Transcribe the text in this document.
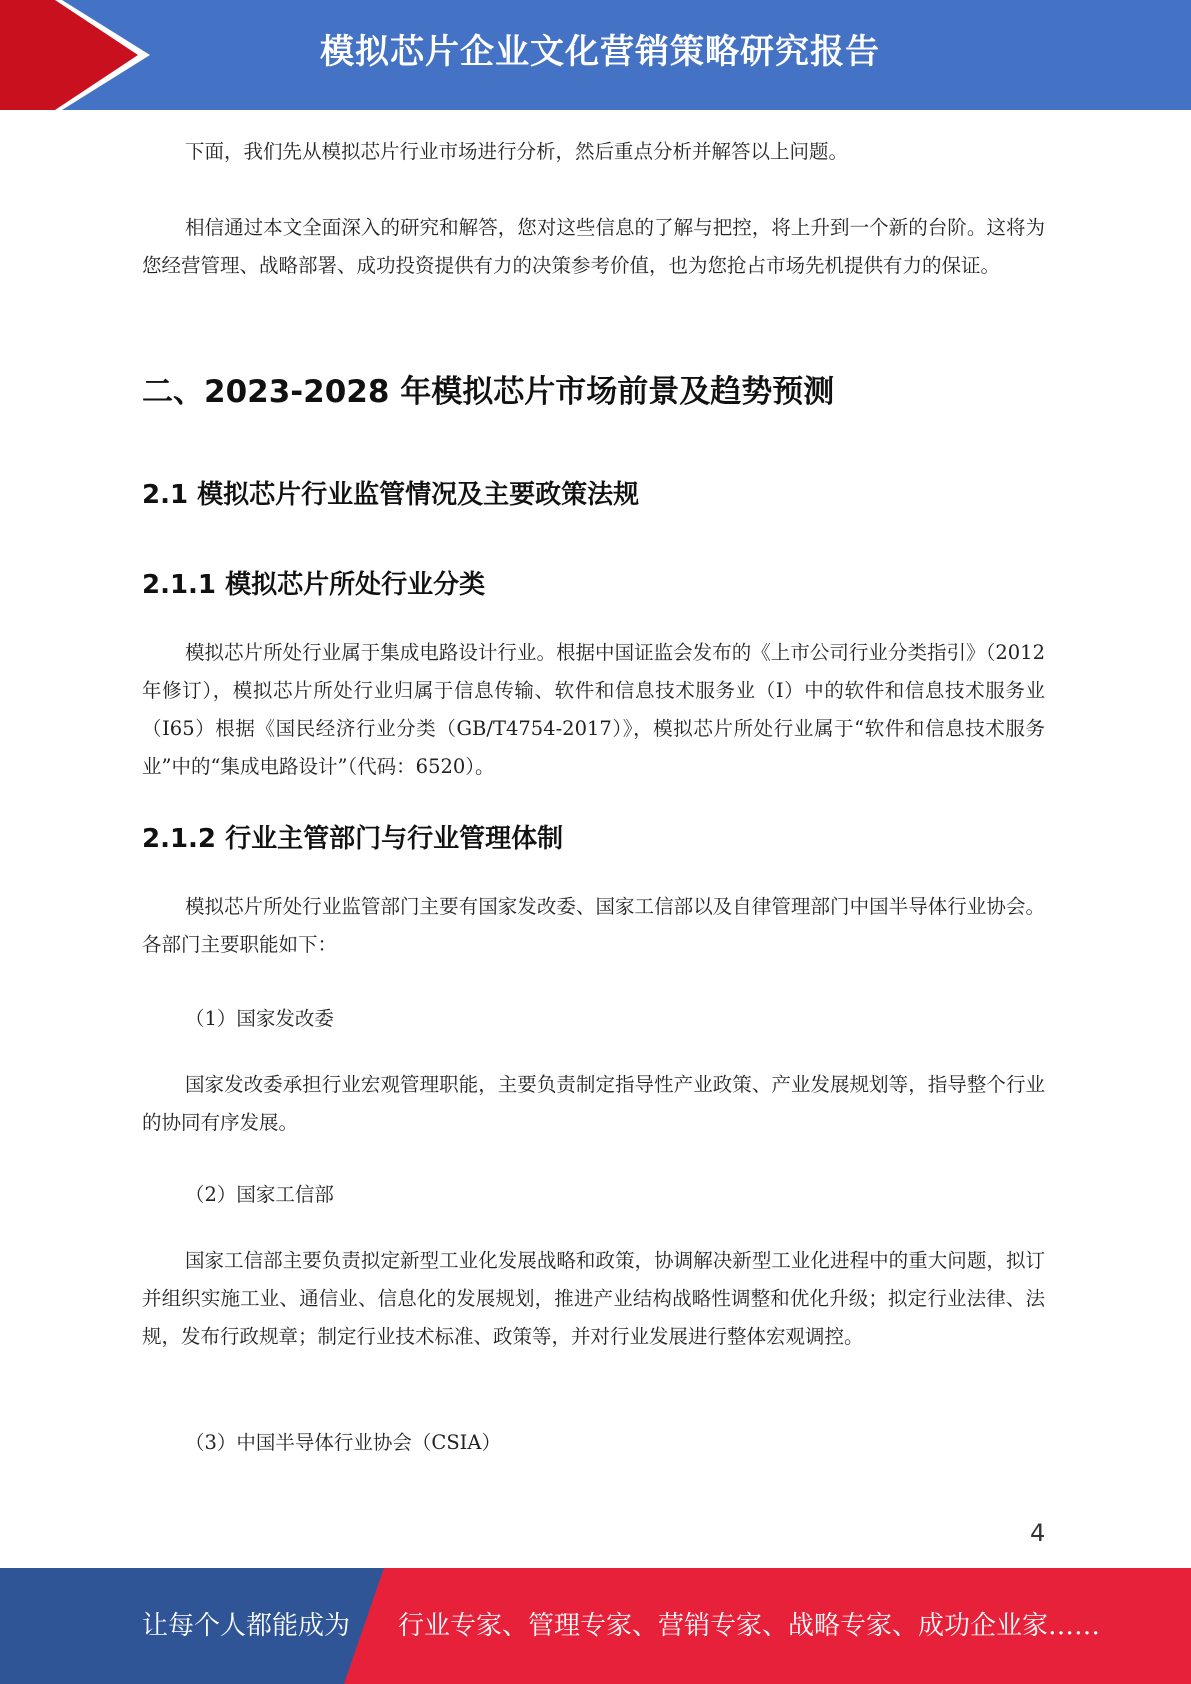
模拟芯片企业文化营销策略研究报告

下面，我们先从模拟芯片行业市场进行分析，然后重点分析并解答以上问题。

相信通过本文全面深入的研究和解答，您对这些信息的了解与把控，将上升到一个新的台阶。这将为您经营管理、战略部署、成功投资提供有力的决策参考价值，也为您抢占市场先机提供有力的保证。

二、2023-2028 年模拟芯片市场前景及趋势预测
2.1 模拟芯片行业监管情况及主要政策法规
2.1.1 模拟芯片所处行业分类

模拟芯片所处行业属于集成电路设计行业。根据中国证监会发布的《上市公司行业分类指引》（2012 年修订），模拟芯片所处行业归属于信息传输、软件和信息技术服务业（I）中的软件和信息技术服务业（I65）根据《国民经济行业分类（GB/T4754-2017）》，模拟芯片所处行业属于“软件和信息技术服务业”中的“集成电路设计”（代码：6520）。

2.1.2 行业主管部门与行业管理体制

模拟芯片所处行业监管部门主要有国家发改委、国家工信部以及自律管理部门中国半导体行业协会。各部门主要职能如下：

（1）国家发改委

国家发改委承担行业宏观管理职能，主要负责制定指导性产业政策、产业发展规划等，指导整个行业的协同有序发展。

（2）国家工信部

国家工信部主要负责拟定新型工业化发展战略和政策，协调解决新型工业化进程中的重大问题，拟订并组织实施工业、通信业、信息化的发展规划，推进产业结构战略性调整和优化升级；拟定行业法律、法规，发布行政规章；制定行业技术标准、政策等，并对行业发展进行整体宏观调控。

（3）中国半导体行业协会（CSIA）

4
让每个人都能成为 行业专家、管理专家、营销专家、战略专家、成功企业家……
